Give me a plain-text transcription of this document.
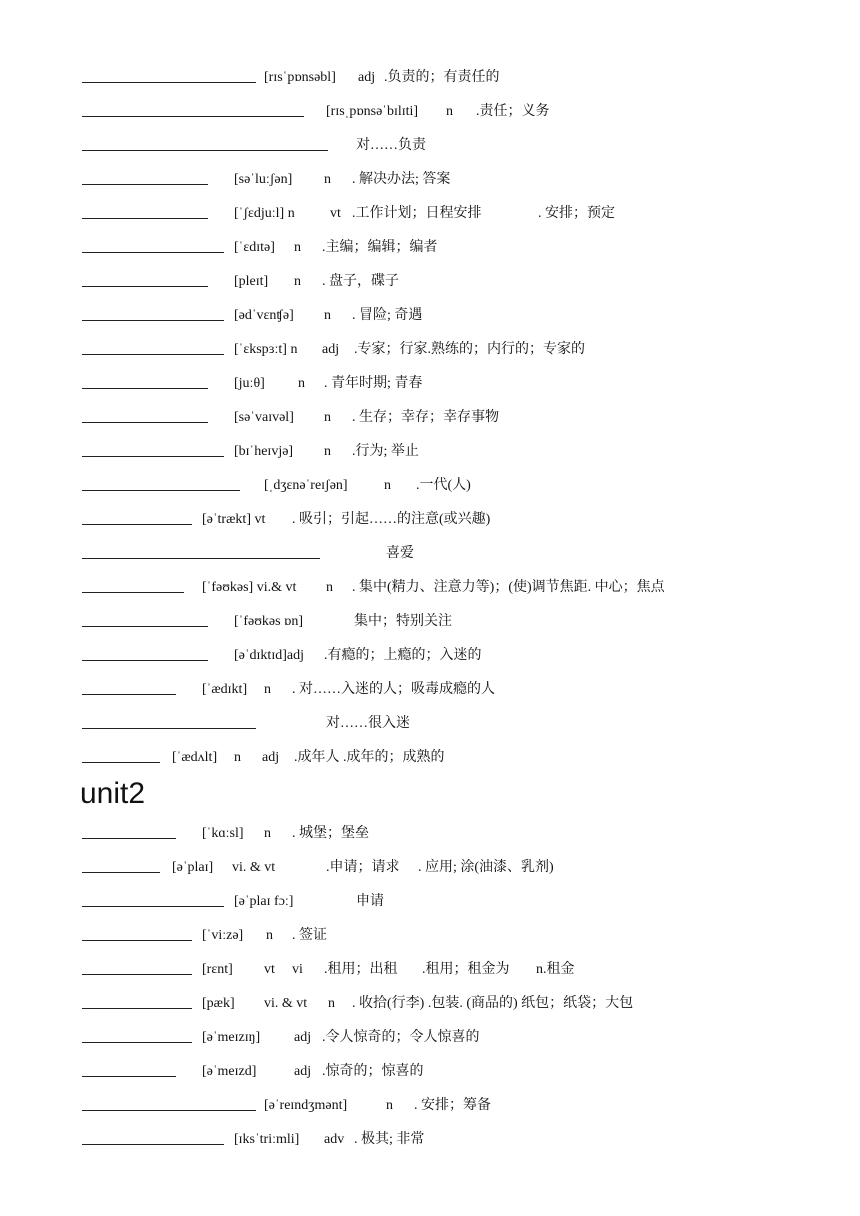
[rɪsˈpɒnsəbl] adj .负责的；有责任的
[rɪsˌpɒnsəˈbɪlɪti] n .责任；义务
对……负责
[səˈluːʃən] n . 解决办法; 答案
[ˈʃɛdjuːl] n	vt .工作计划；日程安排	. 安排；预定
[ˈɛdɪtə] n .主编；编辑；编者
[pleɪt] n . 盘子，碟子
[ədˈvɛnʧə] n . 冒险; 奇遇
[ˈɛkspɜːt] n adj .专家；行家.熟练的；内行的；专家的
[juːθ] n . 青年时期; 青春
[səˈvaɪvəl] n . 生存；幸存；幸存事物
[bɪˈheɪvjə] n .行为; 举止
[ˌdʒɛnəˈreɪʃən]	n .一代(人)
[əˈtrækt] vt . 吸引；引起……的注意(或兴趣)
喜爱
[ˈfəʊkəs] vi.& vt n . 集中(精力、注意力等)；(使)调节焦距. 中心；焦点
[ˈfəʊkəs ɒn]	集中；特别关注
[əˈdɪktɪd]adj .有瘾的；上瘾的；入迷的
[ˈædɪkt] n . 对……入迷的人；吸毒成瘾的人
对……很入迷
[ˈædʌlt] n adj .成年人 .成年的；成熟的
unit2
[ˈkɑːsl] n . 城堡；堡垒
[əˈplaɪ] vi. & vt	.申请；请求 . 应用; 涂(油漆、乳剂)
[əˈplaɪ fɔː]	申请
[ˈviːzə] n . 签证
[rɛnt] vt vi .租用；出租 .租用；租金为 n.租金
[pæk] vi. & vt n . 收拾(行李) .包装. (商品的) 纸包；纸袋；大包
[əˈmeɪzɪŋ] adj .令人惊奇的；令人惊喜的
[əˈmeɪzd]	adj .惊奇的；惊喜的
[əˈreɪndʒmənt]	n . 安排；筹备
[ɪksˈtriːmli] adv . 极其; 非常
